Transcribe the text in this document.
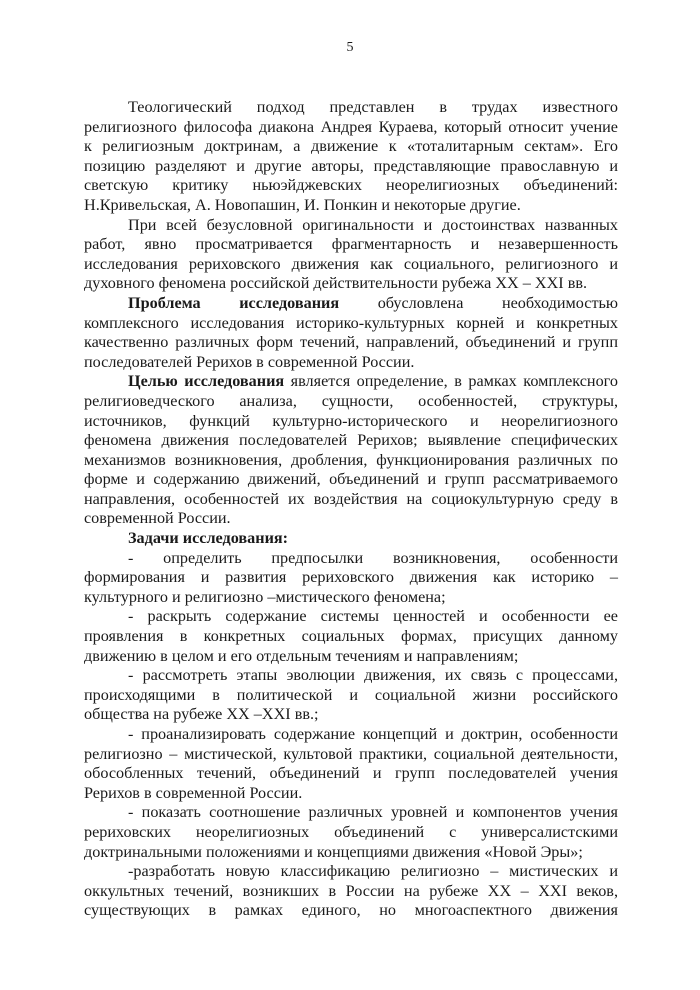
5
Теологический подход представлен в трудах известного
религиозного философа диакона Андрея Кураева, который относит учение
к религиозным доктринам, а движение к «тоталитарным сектам». Его
позицию разделяют и другие авторы, представляющие православную и
светскую критику ньюэйджевских неорелигиозных объединений:
Н.Кривельская, А. Новопашин, И. Понкин и некоторые другие.
При всей безусловной оригинальности и достоинствах названных
работ, явно просматривается фрагментарность и незавершенность
исследования рериховского движения как социального, религиозного и
духовного феномена российской действительности рубежа XX – XXI вв.
Проблема исследования обусловлена необходимостью
комплексного исследования историко-культурных корней и конкретных
качественно различных форм течений, направлений, объединений и групп
последователей Рерихов в современной России.
Целью исследования является определение, в рамках комплексного
религиоведческого анализа, сущности, особенностей, структуры,
источников, функций культурно-исторического и неорелигиозного
феномена движения последователей Рерихов; выявление специфических
механизмов возникновения, дробления, функционирования различных по
форме и содержанию движений, объединений и групп рассматриваемого
направления, особенностей их воздействия на социокультурную среду в
современной России.
Задачи исследования:
- определить предпосылки возникновения, особенности
формирования и развития рериховского движения как историко –
культурного и религиозно –мистического феномена;
- раскрыть содержание системы ценностей и особенности ее
проявления в конкретных социальных формах, присущих данному
движению в целом и его отдельным течениям и направлениям;
- рассмотреть этапы эволюции движения, их связь с процессами,
происходящими в политической и социальной жизни российского
общества на рубеже XX –XXI вв.;
- проанализировать содержание концепций и доктрин, особенности
религиозно – мистической, культовой практики, социальной деятельности,
обособленных течений, объединений и групп последователей учения
Рерихов в современной России.
- показать соотношение различных уровней и компонентов учения
рериховских неорелигиозных объединений с универсалистскими
доктринальными положениями и концепциями движения «Новой Эры»;
-разработать новую классификацию религиозно – мистических и
оккультных течений, возникших в России на рубеже XX – XXI веков,
существующих в рамках единого, но многоаспектного движения
